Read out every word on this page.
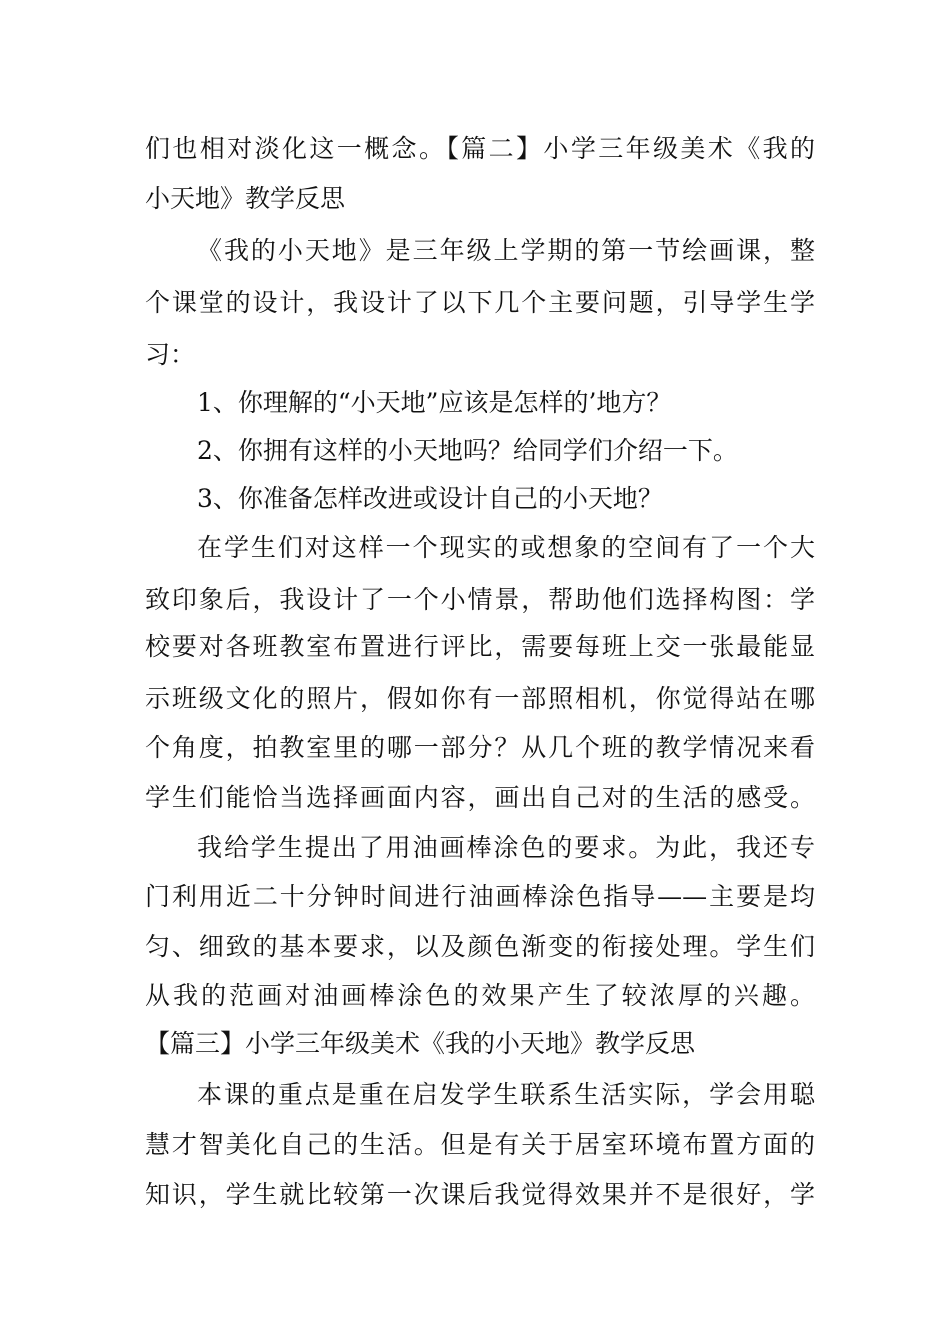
们也相对淡化这一概念。【篇二】小学三年级美术《我的
小天地》教学反思
《我的小天地》是三年级上学期的第一节绘画课，整
个课堂的设计，我设计了以下几个主要问题，引导学生学
习：
1、你理解的“小天地”应该是怎样的’地方？
2、你拥有这样的小天地吗？给同学们介绍一下。
3、你准备怎样改进或设计自己的小天地？
在学生们对这样一个现实的或想象的空间有了一个大
致印象后，我设计了一个小情景，帮助他们选择构图：学
校要对各班教室布置进行评比，需要每班上交一张最能显
示班级文化的照片，假如你有一部照相机，你觉得站在哪
个角度，拍教室里的哪一部分？从几个班的教学情况来看
学生们能恰当选择画面内容，画出自己对的生活的感受。
我给学生提出了用油画棒涂色的要求。为此，我还专
门利用近二十分钟时间进行油画棒涂色指导——主要是均
匀、细致的基本要求，以及颜色渐变的衔接处理。学生们
从我的范画对油画棒涂色的效果产生了较浓厚的兴趣。
【篇三】小学三年级美术《我的小天地》教学反思
本课的重点是重在启发学生联系生活实际，学会用聪
慧才智美化自己的生活。但是有关于居室环境布置方面的
知识，学生就比较第一次课后我觉得效果并不是很好，学
